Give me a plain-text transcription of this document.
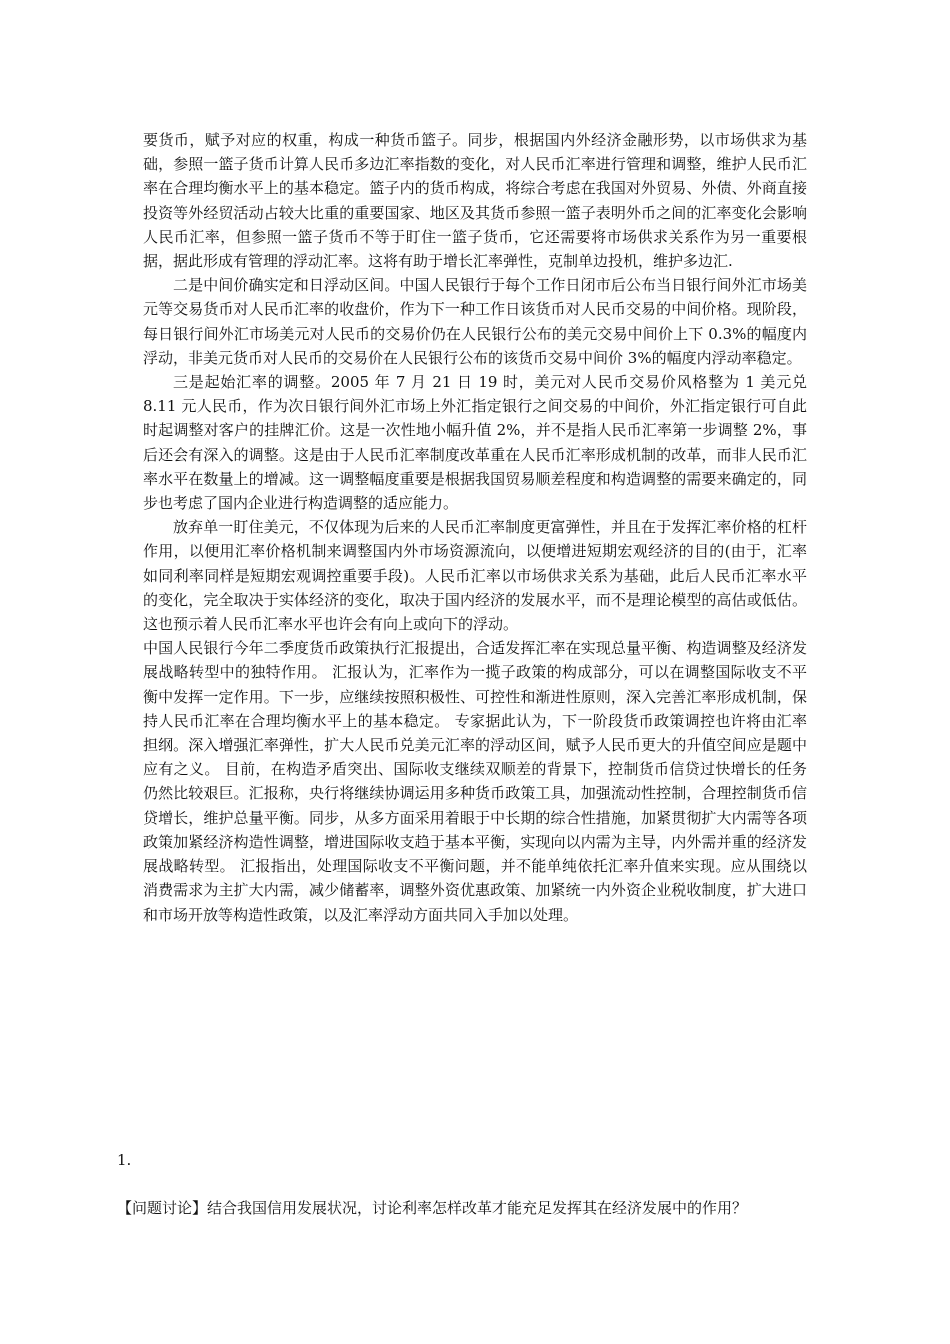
要货币，赋予对应的权重，构成一种货币篮子。同步，根据国内外经济金融形势，以市场供求为基础，参照一篮子货币计算人民币多边汇率指数的变化，对人民币汇率进行管理和调整，维护人民币汇率在合理均衡水平上的基本稳定。篮子内的货币构成，将综合考虑在我国对外贸易、外债、外商直接投资等外经贸活动占较大比重的重要国家、地区及其货币参照一篮子表明外币之间的汇率变化会影响人民币汇率，但参照一篮子货币不等于盯住一篮子货币，它还需要将市场供求关系作为另一重要根据，据此形成有管理的浮动汇率。这将有助于增长汇率弹性，克制单边投机，维护多边汇.

二是中间价确实定和日浮动区间。中国人民银行于每个工作日闭市后公布当日银行间外汇市场美元等交易货币对人民币汇率的收盘价，作为下一种工作日该货币对人民币交易的中间价格。现阶段，每日银行间外汇市场美元对人民币的交易价仍在人民银行公布的美元交易中间价上下 0.3%的幅度内浮动，非美元货币对人民币的交易价在人民银行公布的该货币交易中间价 3%的幅度内浮动率稳定。

三是起始汇率的调整。2005 年 7 月 21 日 19 时，美元对人民币交易价风格整为 1 美元兑 8.11 元人民币，作为次日银行间外汇市场上外汇指定银行之间交易的中间价，外汇指定银行可自此时起调整对客户的挂牌汇价。这是一次性地小幅升值 2%，并不是指人民币汇率第一步调整 2%，事后还会有深入的调整。这是由于人民币汇率制度改革重在人民币汇率形成机制的改革，而非人民币汇率水平在数量上的增减。这一调整幅度重要是根据我国贸易顺差程度和构造调整的需要来确定的，同步也考虑了国内企业进行构造调整的适应能力。

放弃单一盯住美元，不仅体现为后来的人民币汇率制度更富弹性，并且在于发挥汇率价格的杠杆作用，以便用汇率价格机制来调整国内外市场资源流向，以便增进短期宏观经济的目的(由于，汇率如同利率同样是短期宏观调控重要手段)。人民币汇率以市场供求关系为基础，此后人民币汇率水平的变化，完全取决于实体经济的变化，取决于国内经济的发展水平，而不是理论模型的高估或低估。这也预示着人民币汇率水平也许会有向上或向下的浮动。

中国人民银行今年二季度货币政策执行汇报提出，合适发挥汇率在实现总量平衡、构造调整及经济发展战略转型中的独特作用。 汇报认为，汇率作为一揽子政策的构成部分，可以在调整国际收支不平衡中发挥一定作用。下一步，应继续按照积极性、可控性和渐进性原则，深入完善汇率形成机制，保持人民币汇率在合理均衡水平上的基本稳定。 专家据此认为，下一阶段货币政策调控也许将由汇率担纲。深入增强汇率弹性，扩大人民币兑美元汇率的浮动区间，赋予人民币更大的升值空间应是题中应有之义。 目前，在构造矛盾突出、国际收支继续双顺差的背景下，控制货币信贷过快增长的任务仍然比较艰巨。汇报称，央行将继续协调运用多种货币政策工具，加强流动性控制，合理控制货币信贷增长，维护总量平衡。同步，从多方面采用着眼于中长期的综合性措施，加紧贯彻扩大内需等各项政策加紧经济构造性调整，增进国际收支趋于基本平衡，实现向以内需为主导，内外需并重的经济发展战略转型。 汇报指出，处理国际收支不平衡问题，并不能单纯依托汇率升值来实现。应从围绕以消费需求为主扩大内需，减少储蓄率，调整外资优惠政策、加紧统一内外资企业税收制度，扩大进口和市场开放等构造性政策，以及汇率浮动方面共同入手加以处理。

1.
【问题讨论】结合我国信用发展状况，讨论利率怎样改革才能充足发挥其在经济发展中的作用？
